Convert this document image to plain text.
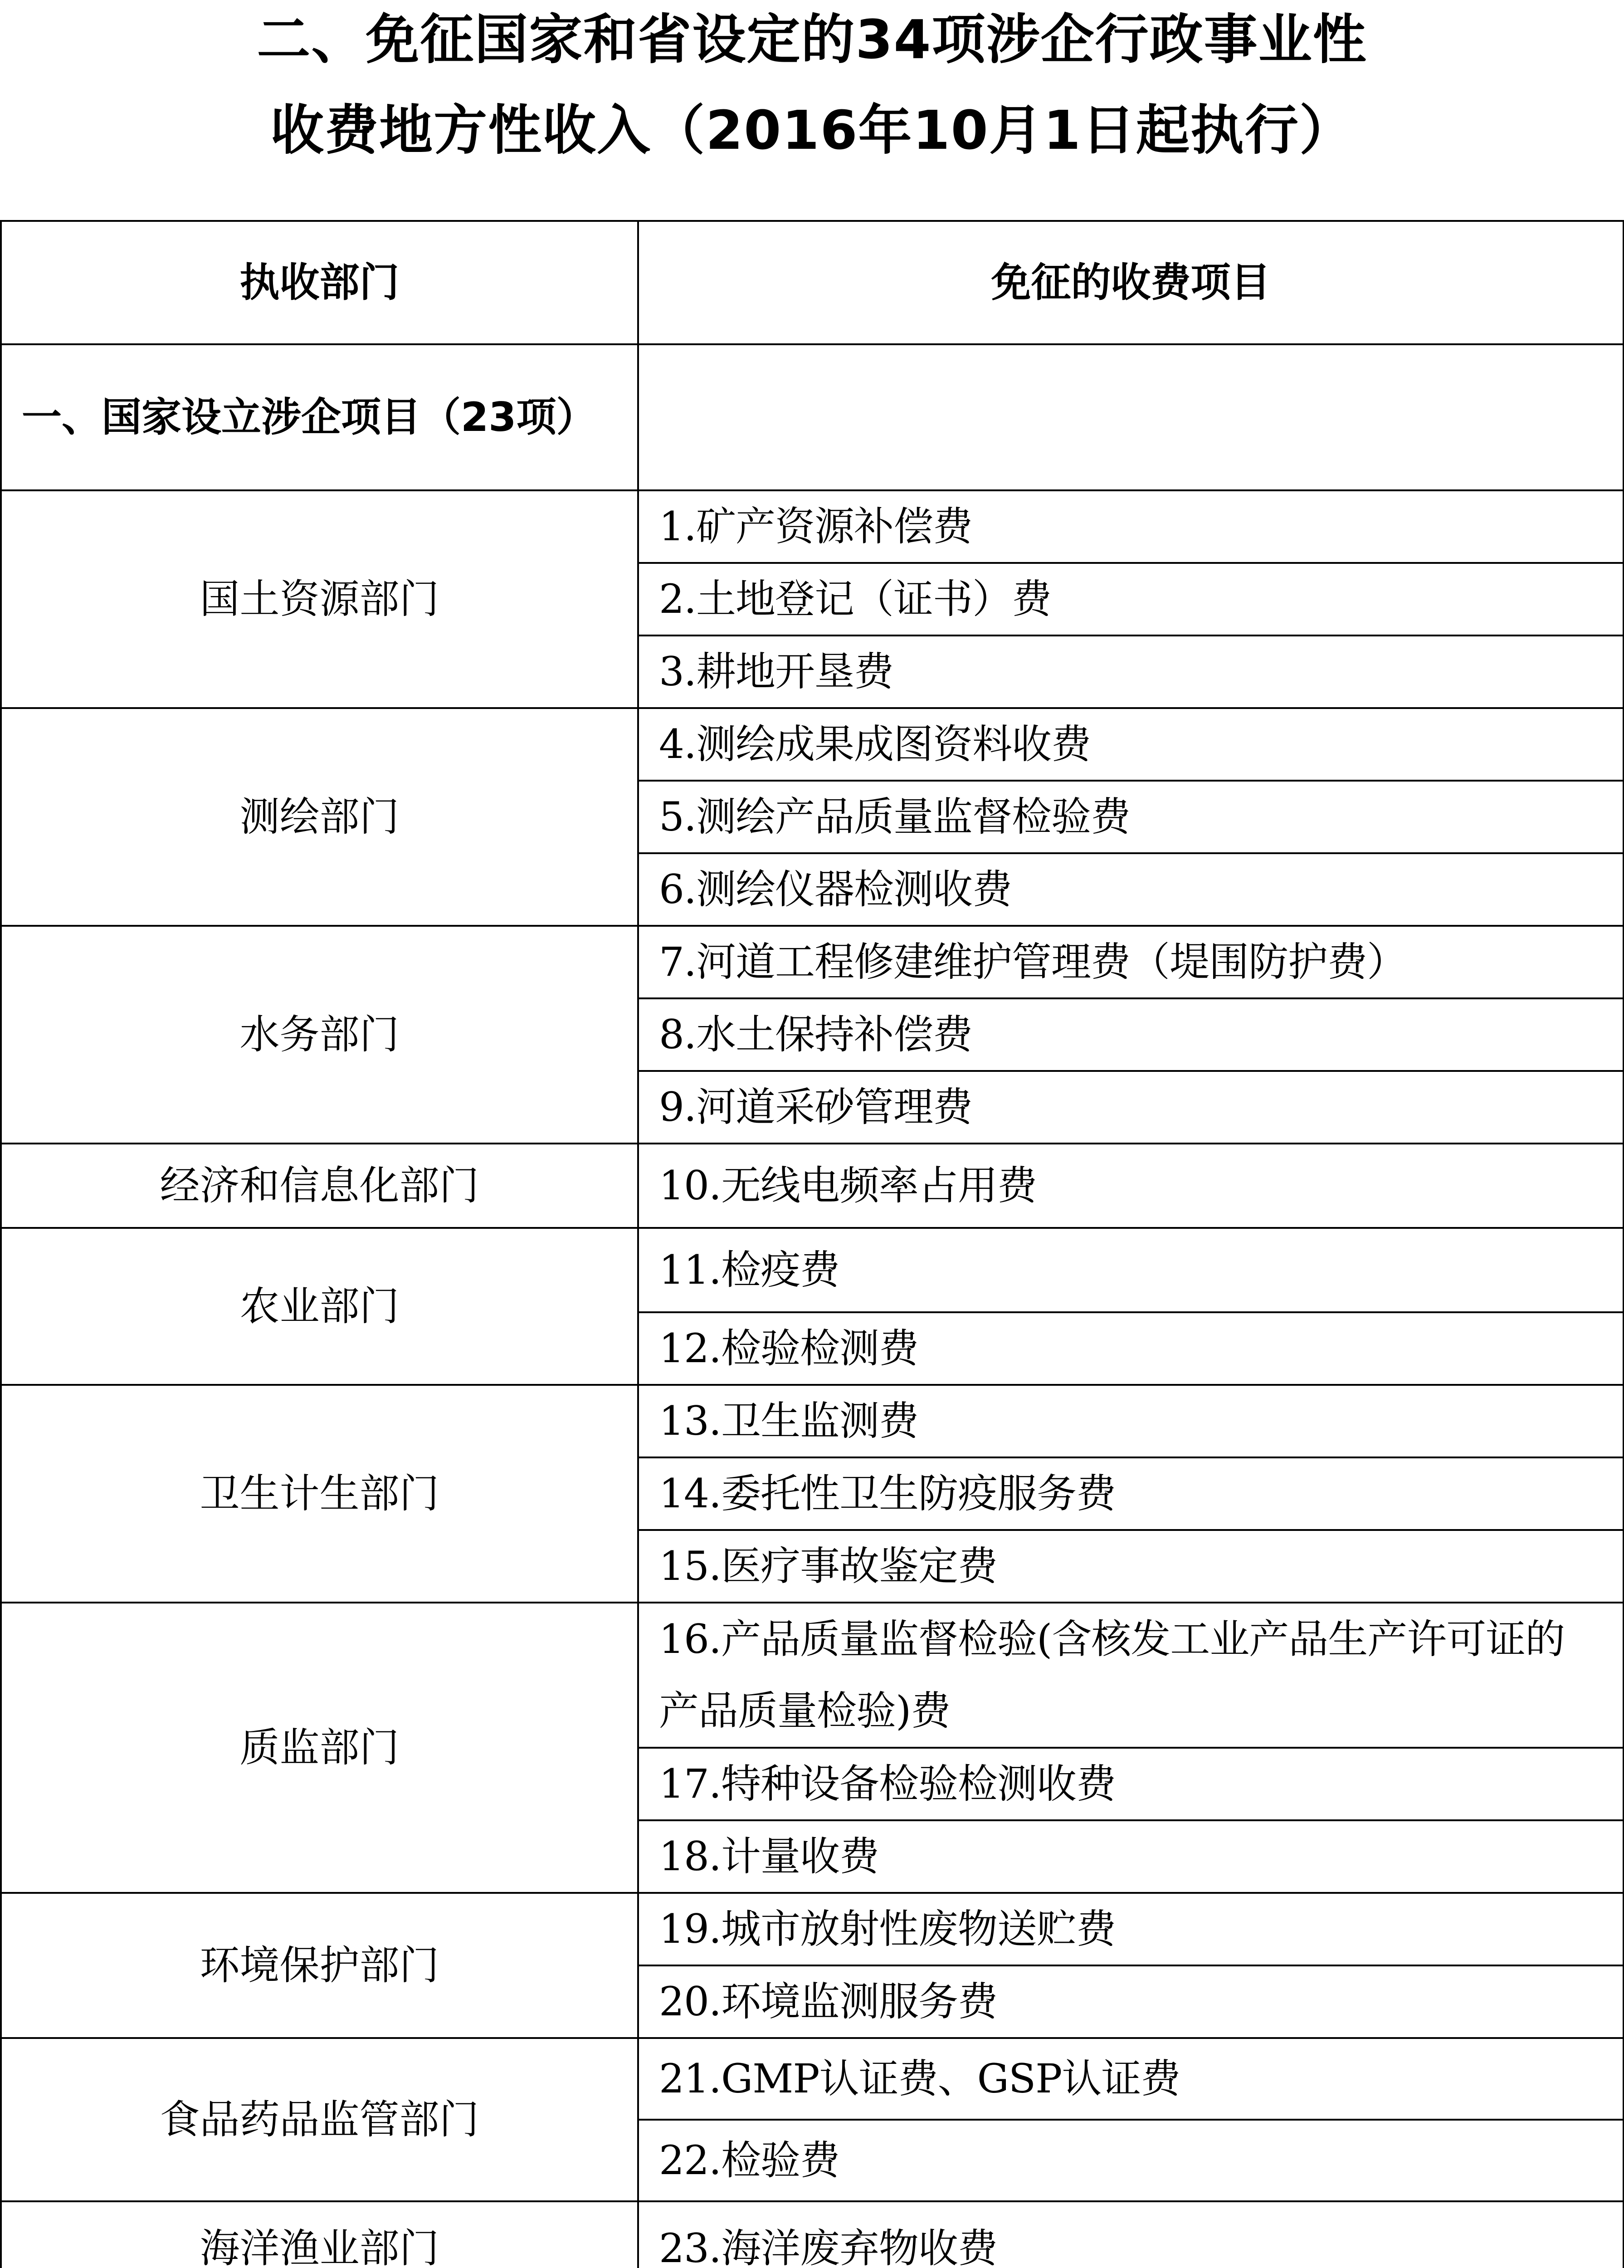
二、免征国家和省设定的34项涉企行政事业性
收费地方性收入（2016年10月1日起执行）
执收部门	免征的收费项目
一、国家设立涉企项目（23项）	
国土资源部门	1.矿产资源补偿费
	2.土地登记（证书）费
	3.耕地开垦费
测绘部门	4.测绘成果成图资料收费
	5.测绘产品质量监督检验费
	6.测绘仪器检测收费
水务部门	7.河道工程修建维护管理费（堤围防护费）
	8.水土保持补偿费
	9.河道采砂管理费
经济和信息化部门	10.无线电频率占用费
农业部门	11.检疫费
	12.检验检测费
卫生计生部门	13.卫生监测费
	14.委托性卫生防疫服务费
	15.医疗事故鉴定费
质监部门	16.产品质量监督检验(含核发工业产品生产许可证的产品质量检验)费
	17.特种设备检验检测收费
	18.计量收费
环境保护部门	19.城市放射性废物送贮费
	20.环境监测服务费
食品药品监管部门	21.GMP认证费、GSP认证费
	22.检验费
海洋渔业部门	23.海洋废弃物收费
